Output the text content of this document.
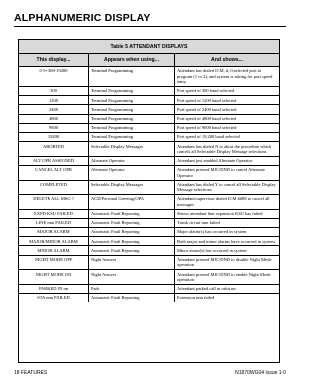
ALPHANUMERIC DISPLAY
Table 5 ATTENDANT DISPLAYS
This display...	Appears when using...	And shows...
0-5+300-19200	Terminal Programming	Attendant has dialed ICM, #, 0,selected port to program (1 or 2), and system is asking for port speed entry
300	Terminal Programming	Port speed of 300 baud selected
1200	Terminal Programming	Port speed of 1200 baud selected
2400	Terminal Programming	Port speed of 2400 baud selected
4800	Terminal Programming	Port speed of 4800 baud selected
9600	Terminal Programming	Port speed of 9600 baud selected
19200	Terminal Programming	Port speed of 19,200 baud selected
ABORTED	Selectable Display Messages	Attendant has dialed N to abort the procedure which cancels all Selectable Display Message selections
ALT OPR ASSIGNED	Alternate Operator	Attendant just enabled Alternate Operator
CANCEL ALT OPR	Alternate Operator	Attendant pressed MIC/DND to cancel Alternate Operator
COMPLETED	Selectable Display Messages	Attendant has dialed Y to cancel all Selectable Display Message selections
DELETE ALL MSG ?	ACD/Personal Greeting/OPA	Attendant/supervisor dialed ICM ##88 to cancel all messages
EXPD KSU FAILED	Automatic Fault Reporting	Shows attendant that expansion KSU has failed
LINE nnn FAILED	Automatic Fault Reporting	Trunk circuit nnn failed
MAJOR ALARM	Automatic Fault Reporting	Major alarm(s) has occurred in system
MAJOR/MINOR ALARM	Automatic Fault Reporting	Both major and minor alarms have occurred in system
MINOR ALARM	Automatic Fault Reporting	Minor alarm(s) has occurred in system
NIGHT MODE OFF	Night Answer	Attendant pressed MIC/DND to disable Night Mode operation
NIGHT MODE ON	Night Answer	Attendant pressed MIC/DND to enable Night Mode operation
PARKED IN nn	Park	Attendant parked call in orbit nn
STA nnn FAILED	Automatic Fault Reporting	Extension nnn failed
18 FEATURES	N1870WG04 Issue 1-0
